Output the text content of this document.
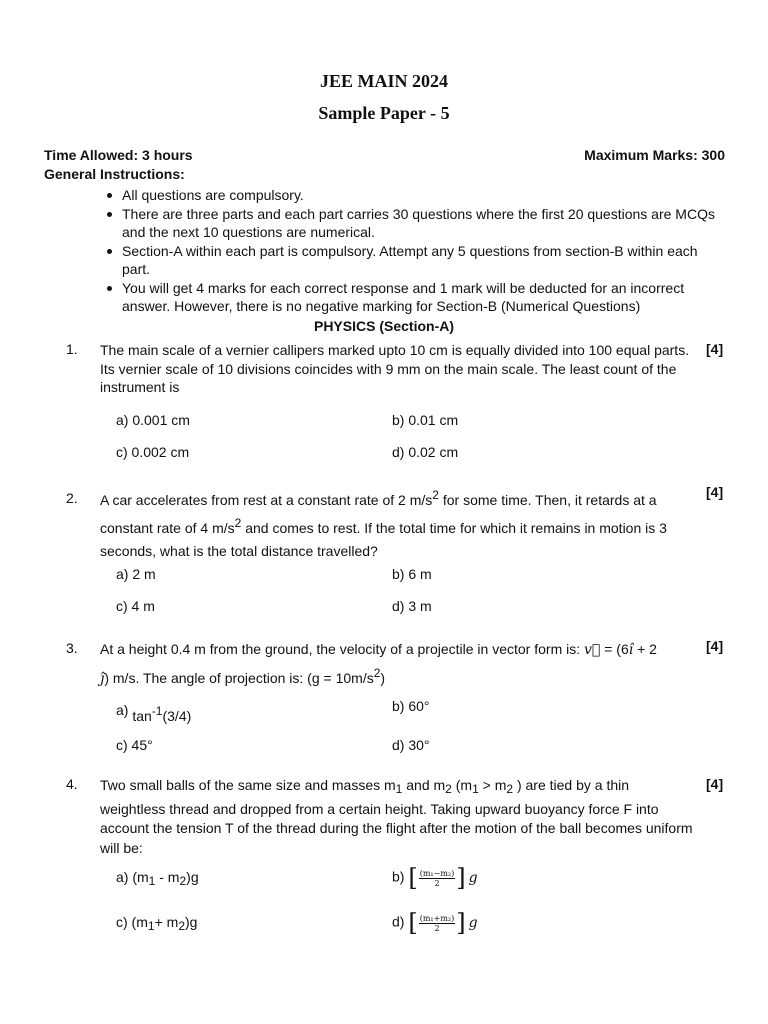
JEE MAIN 2024
Sample Paper - 5
Time Allowed: 3 hours	Maximum Marks: 300
General Instructions:
All questions are compulsory.
There are three parts and each part carries 30 questions where the first 20 questions are MCQs and the next 10 questions are numerical.
Section-A within each part is compulsory. Attempt any 5 questions from section-B within each part.
You will get 4 marks for each correct response and 1 mark will be deducted for an incorrect answer. However, there is no negative marking for Section-B (Numerical Questions)
PHYSICS (Section-A)
1. The main scale of a vernier callipers marked upto 10 cm is equally divided into 100 equal parts. Its vernier scale of 10 divisions coincides with 9 mm on the main scale. The least count of the instrument is
[4]
a) 0.001 cm	b) 0.01 cm
c) 0.002 cm	d) 0.02 cm
2. A car accelerates from rest at a constant rate of 2 $m/s^2$ for some time. Then, it retards at a
constant rate of 4 $m/s^2$ and comes to rest. If the total time for which it remains in motion is 3 seconds, what is the total distance travelled?
[4]
a) 2 m	b) 6 m
c) 4 m	d) 3 m
3. At a height 0.4 m from the ground, the velocity of a projectile in vector form is: v⃗ = (6î + 2
ĵ) m/s. The angle of projection is: $(g = 10m/s^2)$
[4]
a) $\tan^{-1}(3/4)$
b) 60°
c) 45°	d) 30°
4. Two small balls of the same size and masses $m_1$ and $m_2$ ($m_1 > m_2$ ) are tied by a thin
weightless thread and dropped from a certain height. Taking upward buoyancy force F into account the tension T of the thread during the flight after the motion of the ball becomes uniform will be:
[4]
a) $(m_1 - m_2)g$	b) [ $\frac{\text{(m₁−m₂)}}{2}$ ] g
c) $(m_1+ m_2)g$	d) [ $\frac{\text{(m₁+m₂)}}{2}$ ] g
